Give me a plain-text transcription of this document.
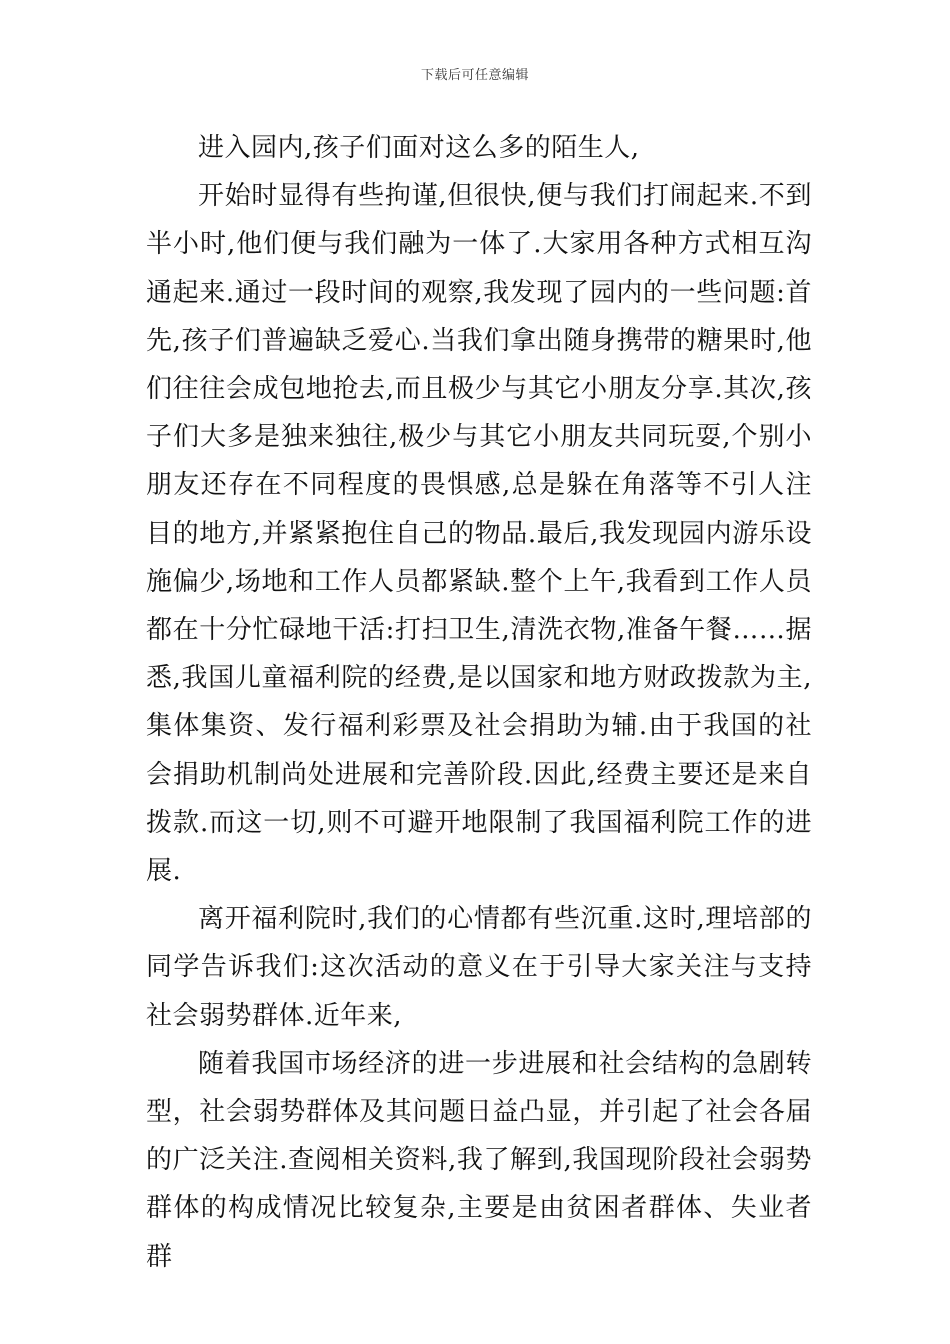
下载后可任意编辑

进入园内,孩子们面对这么多的陌生人,

开始时显得有些拘谨,但很快,便与我们打闹起来.不到半小时,他们便与我们融为一体了.大家用各种方式相互沟通起来.通过一段时间的观察,我发现了园内的一些问题:首先,孩子们普遍缺乏爱心.当我们拿出随身携带的糖果时,他们往往会成包地抢去,而且极少与其它小朋友分享.其次,孩子们大多是独来独往,极少与其它小朋友共同玩耍,个别小朋友还存在不同程度的畏惧感,总是躲在角落等不引人注目的地方,并紧紧抱住自己的物品.最后,我发现园内游乐设施偏少,场地和工作人员都紧缺.整个上午,我看到工作人员都在十分忙碌地干活:打扫卫生,清洗衣物,准备午餐……据悉,我国儿童福利院的经费,是以国家和地方财政拨款为主,集体集资、发行福利彩票及社会捐助为辅.由于我国的社会捐助机制尚处进展和完善阶段.因此,经费主要还是来自拨款.而这一切,则不可避开地限制了我国福利院工作的进展.

离开福利院时,我们的心情都有些沉重.这时,理培部的同学告诉我们:这次活动的意义在于引导大家关注与支持社会弱势群体.近年来,

随着我国市场经济的进一步进展和社会结构的急剧转型，社会弱势群体及其问题日益凸显，并引起了社会各届的广泛关注.查阅相关资料,我了解到,我国现阶段社会弱势群体的构成情况比较复杂,主要是由贫困者群体、失业者群
